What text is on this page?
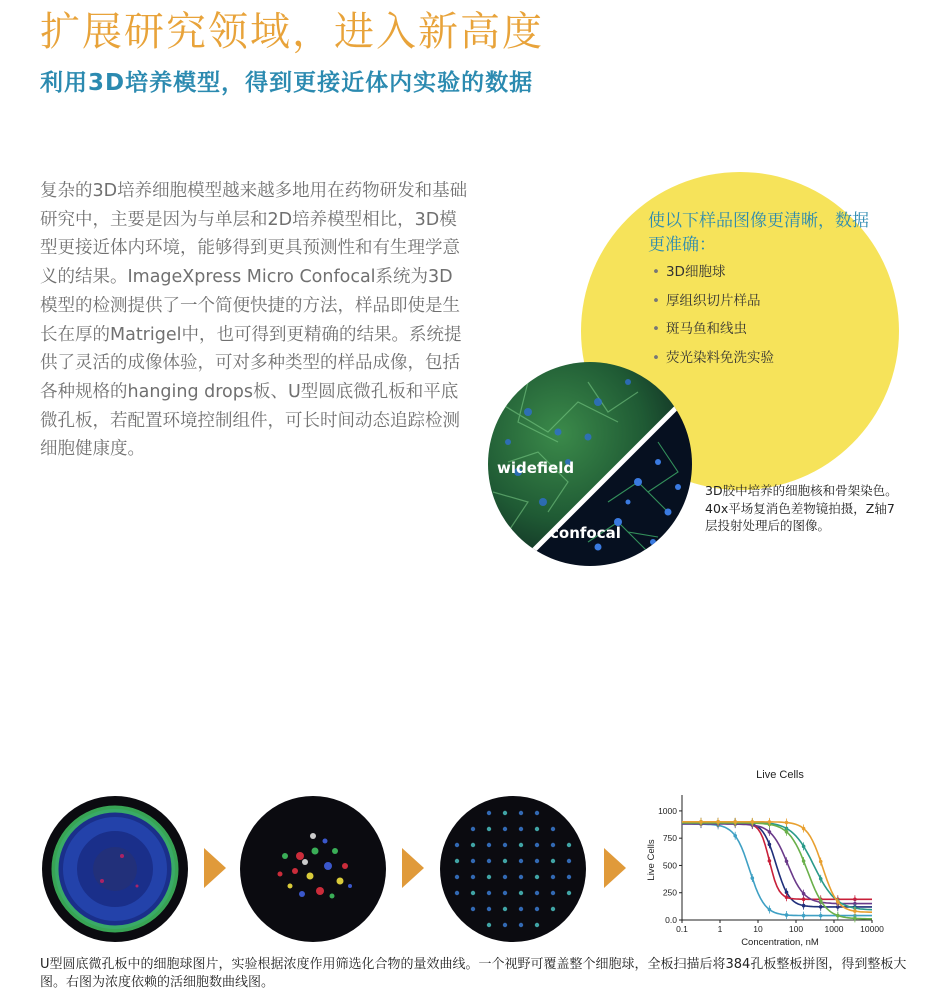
扩展研究领域，进入新高度
利用3D培养模型，得到更接近体内实验的数据

复杂的3D培养细胞模型越来越多地用在药物研发和基础研究中，主要是因为与单层和2D培养模型相比，3D模型更接近体内环境，能够得到更具预测性和有生理学意义的结果。ImageXpress Micro Confocal系统为3D模型的检测提供了一个简便快捷的方法，样品即使是生长在厚的Matrigel中，也可得到更精确的结果。系统提供了灵活的成像体验，可对多种类型的样品成像，包括各种规格的hanging drops板、U型圆底微孔板和平底微孔板，若配置环境控制组件，可长时间动态追踪检测细胞健康度。

使以下样品图像更清晰，数据更准确：
• 3D细胞球
• 厚组织切片样品
• 斑马鱼和线虫
• 荧光染料免洗实验
widefield
confocal
3D胶中培养的细胞核和骨架染色。40x平场复消色差物镜拍摄，Z轴7层投射处理后的图像。
Live Cells
Concentration, nM
Live Cells
0.1	1	10	100	1000 10000
0.0
250
500
750
1000
U型圆底微孔板中的细胞球图片，实验根据浓度作用筛选化合物的量效曲线。一个视野可覆盖整个细胞球，全板扫描后将384孔板整板拼图，得到整板大图。右图为浓度依赖的活细胞数曲线图。
